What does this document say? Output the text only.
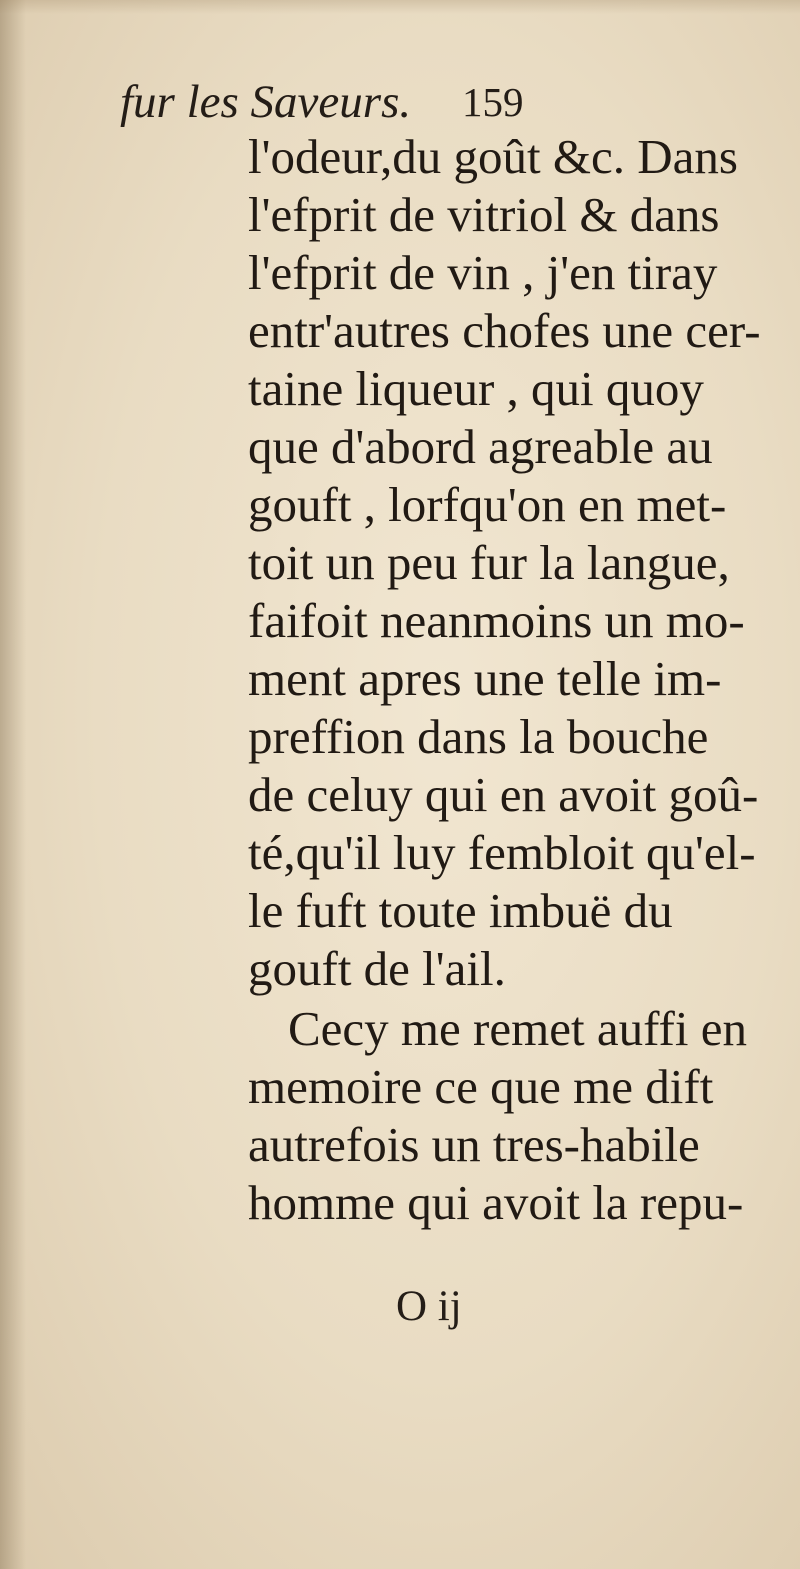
fur les Saveurs. 159
l'odeur,du goût &c. Dans
l'efprit de vitriol & dans
l'efprit de vin , j'en tiray
entr'autres chofes une cer-
taine liqueur , qui quoy
que d'abord agreable au
gouft , lorfqu'on en met-
toit un peu fur la langue,
faifoit neanmoins un mo-
ment apres une telle im-
preffion dans la bouche
de celuy qui en avoit goû-
té,qu'il luy fembloit qu'el-
le fuft toute imbuë du
gouft de l'ail.
Cecy me remet auffi en
memoire ce que me dift
autrefois un tres-habile
homme qui avoit la repu-
O ij
